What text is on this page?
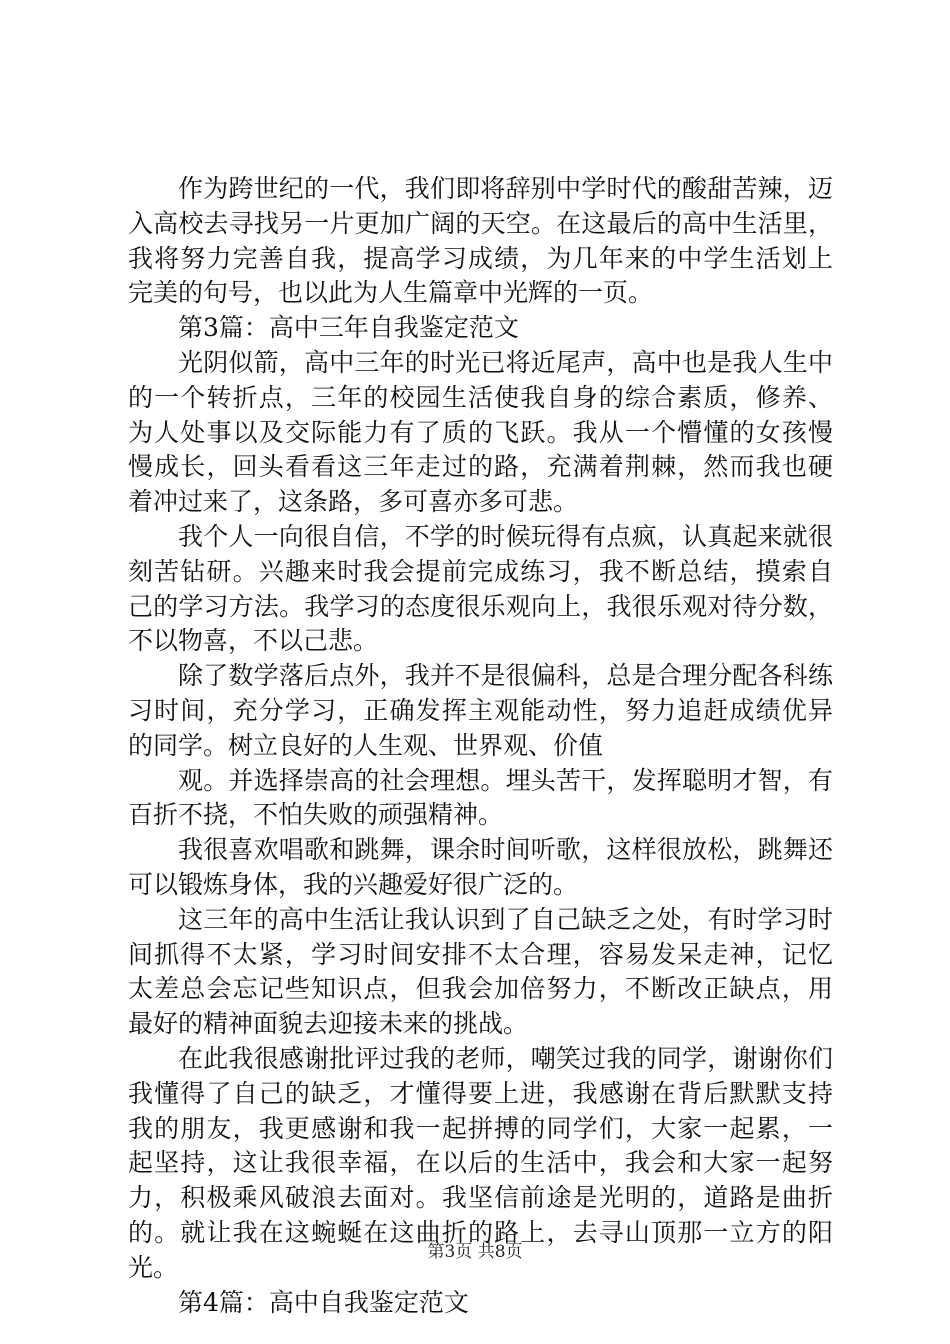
作为跨世纪的一代，我们即将辞别中学时代的酸甜苦辣，迈
入高校去寻找另一片更加广阔的天空。在这最后的高中生活里，
我将努力完善自我，提高学习成绩，为几年来的中学生活划上
完美的句号，也以此为人生篇章中光辉的一页。
第3篇：高中三年自我鉴定范文
光阴似箭，高中三年的时光已将近尾声，高中也是我人生中
的一个转折点，三年的校园生活使我自身的综合素质，修养、
为人处事以及交际能力有了质的飞跃。我从一个懵懂的女孩慢
慢成长，回头看看这三年走过的路，充满着荆棘，然而我也硬
着冲过来了，这条路，多可喜亦多可悲。
我个人一向很自信，不学的时候玩得有点疯，认真起来就很
刻苦钻研。兴趣来时我会提前完成练习，我不断总结，摸索自
己的学习方法。我学习的态度很乐观向上，我很乐观对待分数，
不以物喜，不以己悲。
除了数学落后点外，我并不是很偏科，总是合理分配各科练
习时间，充分学习，正确发挥主观能动性，努力追赶成绩优异
的同学。树立良好的人生观、世界观、价值
观。并选择崇高的社会理想。埋头苦干，发挥聪明才智，有
百折不挠，不怕失败的顽强精神。
我很喜欢唱歌和跳舞，课余时间听歌，这样很放松，跳舞还
可以锻炼身体，我的兴趣爱好很广泛的。
这三年的高中生活让我认识到了自己缺乏之处，有时学习时
间抓得不太紧，学习时间安排不太合理，容易发呆走神，记忆
太差总会忘记些知识点，但我会加倍努力，不断改正缺点，用
最好的精神面貌去迎接未来的挑战。
在此我很感谢批评过我的老师，嘲笑过我的同学，谢谢你们
我懂得了自己的缺乏，才懂得要上进，我感谢在背后默默支持
我的朋友，我更感谢和我一起拼搏的同学们，大家一起累，一
起坚持，这让我很幸福，在以后的生活中，我会和大家一起努
力，积极乘风破浪去面对。我坚信前途是光明的，道路是曲折
的。就让我在这蜿蜒在这曲折的路上，去寻山顶那一立方的阳
光。
第4篇：高中自我鉴定范文
第3页 共8页
